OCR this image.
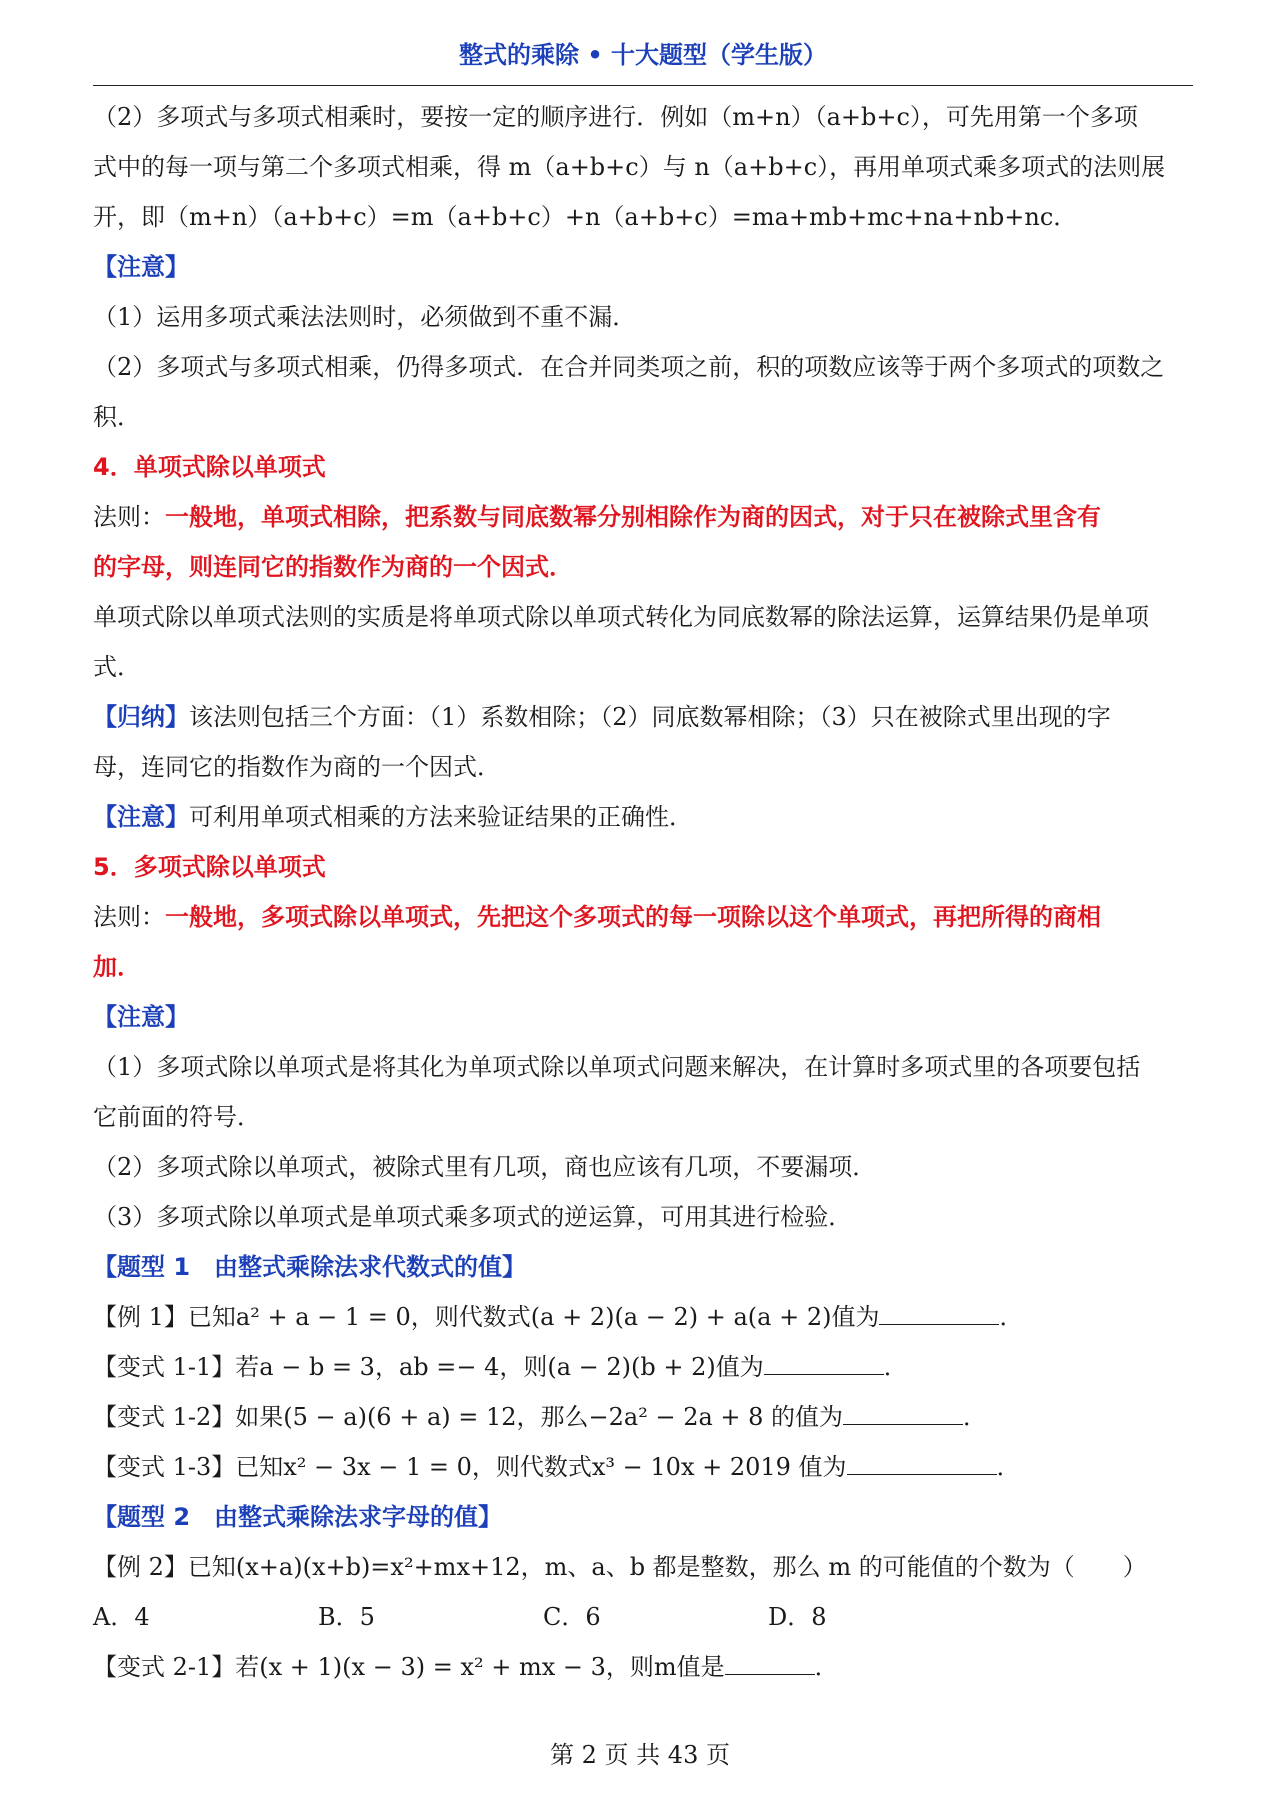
整式的乘除 • 十大题型（学生版）

（2）多项式与多项式相乘时，要按一定的顺序进行．例如（m+n）（a+b+c），可先用第一个多项

式中的每一项与第二个多项式相乘，得 m（a+b+c）与 n（a+b+c），再用单项式乘多项式的法则展

开，即（m+n）（a+b+c）=m（a+b+c）+n（a+b+c）=ma+mb+mc+na+nb+nc．

【注意】

（1）运用多项式乘法法则时，必须做到不重不漏．

（2）多项式与多项式相乘，仍得多项式．在合并同类项之前，积的项数应该等于两个多项式的项数之

积．

4．单项式除以单项式

法则：一般地，单项式相除，把系数与同底数幂分别相除作为商的因式，对于只在被除式里含有

的字母，则连同它的指数作为商的一个因式．

单项式除以单项式法则的实质是将单项式除以单项式转化为同底数幂的除法运算，运算结果仍是单项

式．

【归纳】该法则包括三个方面：（1）系数相除；（2）同底数幂相除；（3）只在被除式里出现的字

母，连同它的指数作为商的一个因式．

【注意】可利用单项式相乘的方法来验证结果的正确性．

5．多项式除以单项式

法则：一般地，多项式除以单项式，先把这个多项式的每一项除以这个单项式，再把所得的商相

加．

【注意】

（1）多项式除以单项式是将其化为单项式除以单项式问题来解决，在计算时多项式里的各项要包括

它前面的符号．

（2）多项式除以单项式，被除式里有几项，商也应该有几项，不要漏项．

（3）多项式除以单项式是单项式乘多项式的逆运算，可用其进行检验．

【题型 1　由整式乘除法求代数式的值】

【例 1】已知a² + a − 1 = 0，则代数式(a + 2)(a − 2) + a(a + 2)值为	．

【变式 1-1】若a − b = 3，ab =− 4，则(a − 2)(b + 2)值为	．

【变式 1-2】如果(5 − a)(6 + a) = 12，那么−2a² − 2a + 8 的值为	．

【变式 1-3】已知x² − 3x − 1 = 0，则代数式x³ − 10x + 2019 值为	．

【题型 2　由整式乘除法求字母的值】

【例 2】已知(x+a)(x+b)=x²+mx+12，m、a、b 都是整数，那么 m 的可能值的个数为（　　）

A．4	B．5	C．6	D．8

【变式 2-1】若(x + 1)(x − 3) = x² + mx − 3，则m值是	．

第 2 页 共 43 页
